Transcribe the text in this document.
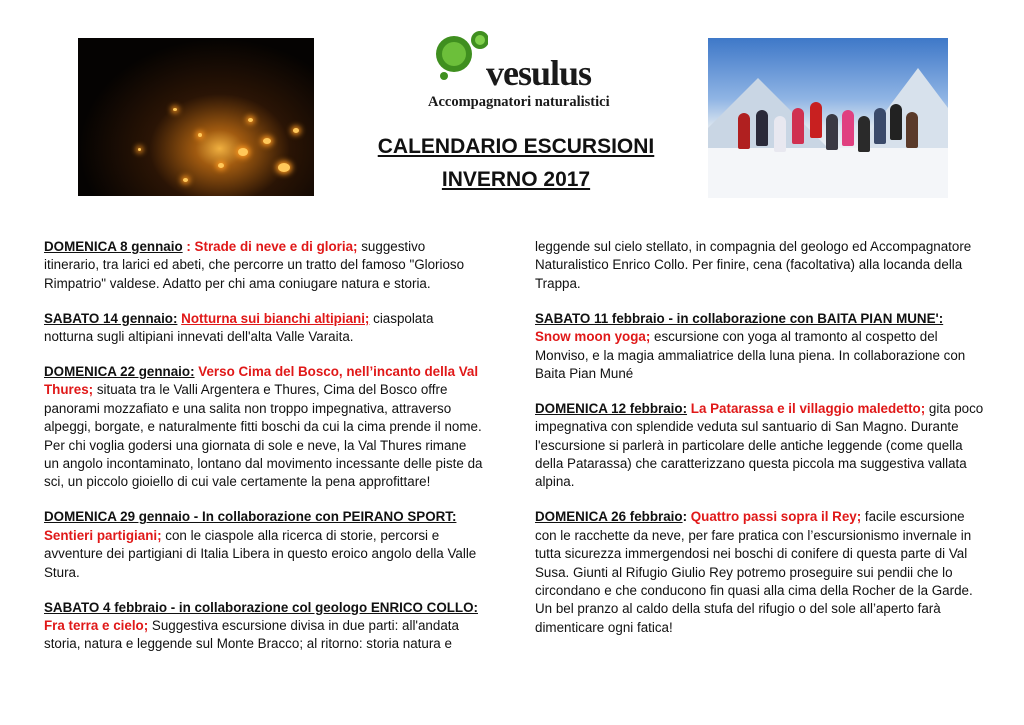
vesulus
Accompagnatori naturalistici
CALENDARIO ESCURSIONI
INVERNO 2017
DOMENICA 8 gennaio : Strade di neve e di gloria; suggestivo itinerario, tra larici ed abeti, che percorre un tratto del famoso "Glorioso Rimpatrio" valdese. Adatto per chi ama coniugare natura e storia.
SABATO 14 gennaio: Notturna sui bianchi altipiani; ciaspolata notturna sugli altipiani innevati dell'alta Valle Varaita.
DOMENICA 22 gennaio: Verso Cima del Bosco, nell’incanto della Val Thures; situata tra le Valli Argentera e Thures, Cima del Bosco offre panorami mozzafiato e una salita non troppo impegnativa, attraverso alpeggi, borgate, e naturalmente fitti boschi da cui la cima prende il nome. Per chi voglia godersi una giornata di sole e neve, la Val Thures rimane un angolo incontaminato, lontano dal movimento incessante delle piste da sci, un piccolo gioiello di cui vale certamente la pena approfittare!
DOMENICA 29 gennaio - In collaborazione con PEIRANO SPORT:
Sentieri partigiani; con le ciaspole alla ricerca di storie, percorsi e avventure dei partigiani di Italia Libera in questo eroico angolo della Valle Stura.
SABATO 4 febbraio - in collaborazione col geologo ENRICO COLLO:
Fra terra e cielo; Suggestiva escursione divisa in due parti: all'andata storia, natura e leggende sul Monte Bracco; al ritorno: storia natura e
leggende sul cielo stellato, in compagnia del geologo ed Accompagnatore Naturalistico Enrico Collo. Per finire, cena (facoltativa) alla locanda della Trappa.
SABATO 11 febbraio - in collaborazione con BAITA PIAN MUNE':
Snow moon yoga; escursione con yoga al tramonto al cospetto del Monviso, e la magia ammaliatrice della luna piena. In collaborazione con Baita Pian Muné
DOMENICA 12 febbraio: La Patarassa e il villaggio maledetto; gita poco impegnativa con splendide veduta sul santuario di San Magno. Durante l'escursione si parlerà in particolare delle antiche leggende (come quella della Patarassa) che caratterizzano questa piccola ma suggestiva vallata alpina.
DOMENICA 26 febbraio: Quattro passi sopra il Rey; facile escursione con le racchette da neve, per fare pratica con l’escursionismo invernale in tutta sicurezza immergendosi nei boschi di conifere di questa parte di Val Susa. Giunti al Rifugio Giulio Rey potremo proseguire sui pendii che lo circondano e che conducono fin quasi alla cima della Rocher de la Garde. Un bel pranzo al caldo della stufa del rifugio o del sole all’aperto farà dimenticare ogni fatica!
